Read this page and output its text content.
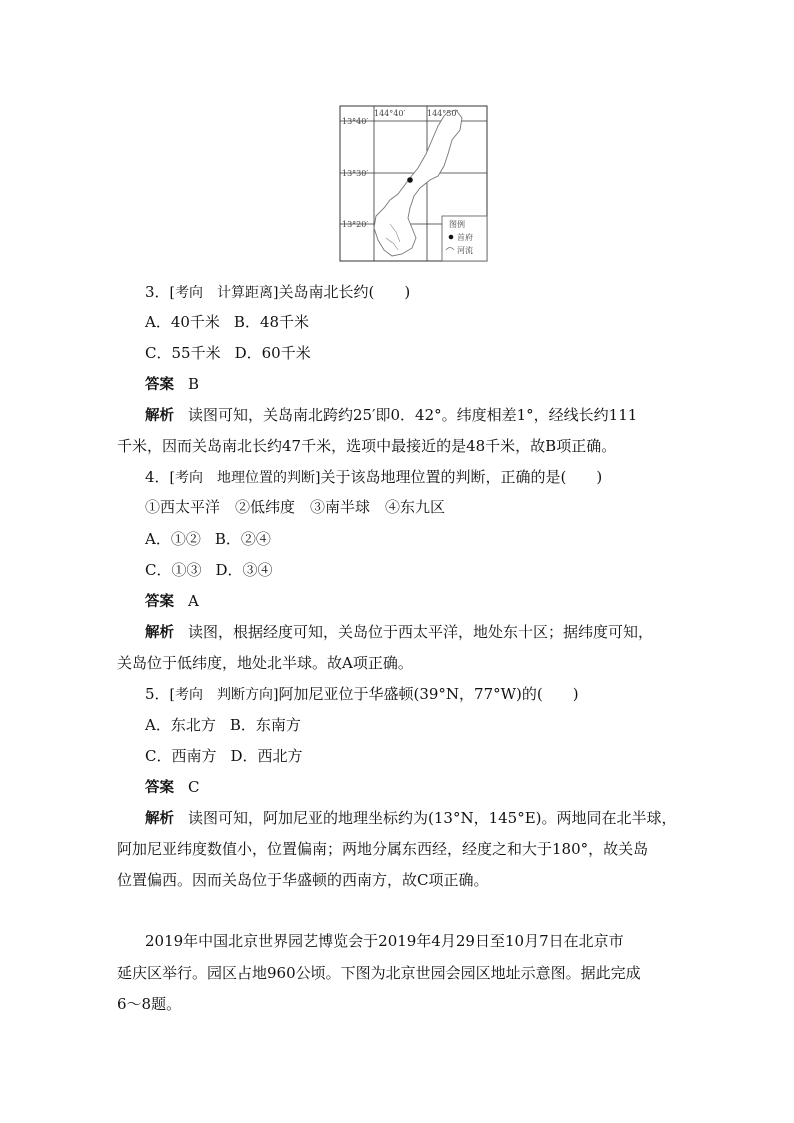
13°40′
13°30′
13°20′
144°40′	144°50′
图例
首府
河流
3．[考向　计算距离]关岛南北长约(　　)
A．40千米 B．48千米
C．55千米 D．60千米
答案 B
解析 读图可知，关岛南北跨约25′即0．42°。纬度相差1°，经线长约111
千米，因而关岛南北长约47千米，选项中最接近的是48千米，故B项正确。
4．[考向　地理位置的判断]关于该岛地理位置的判断，正确的是(　　)
①西太平洋　②低纬度　③南半球　④东九区
A．①② B．②④
C．①③ D．③④
答案 A
解析 读图，根据经度可知，关岛位于西太平洋，地处东十区；据纬度可知，
关岛位于低纬度，地处北半球。故A项正确。
5．[考向　判断方向]阿加尼亚位于华盛顿(39°N，77°W)的(　　)
A．东北方 B．东南方
C．西南方 D．西北方
答案 C
解析 读图可知，阿加尼亚的地理坐标约为(13°N，145°E)。两地同在北半球，
阿加尼亚纬度数值小，位置偏南；两地分属东西经，经度之和大于180°，故关岛
位置偏西。因而关岛位于华盛顿的西南方，故C项正确。
2019年中国北京世界园艺博览会于2019年4月29日至10月7日在北京市
延庆区举行。园区占地960公顷。下图为北京世园会园区地址示意图。据此完成
6～8题。
